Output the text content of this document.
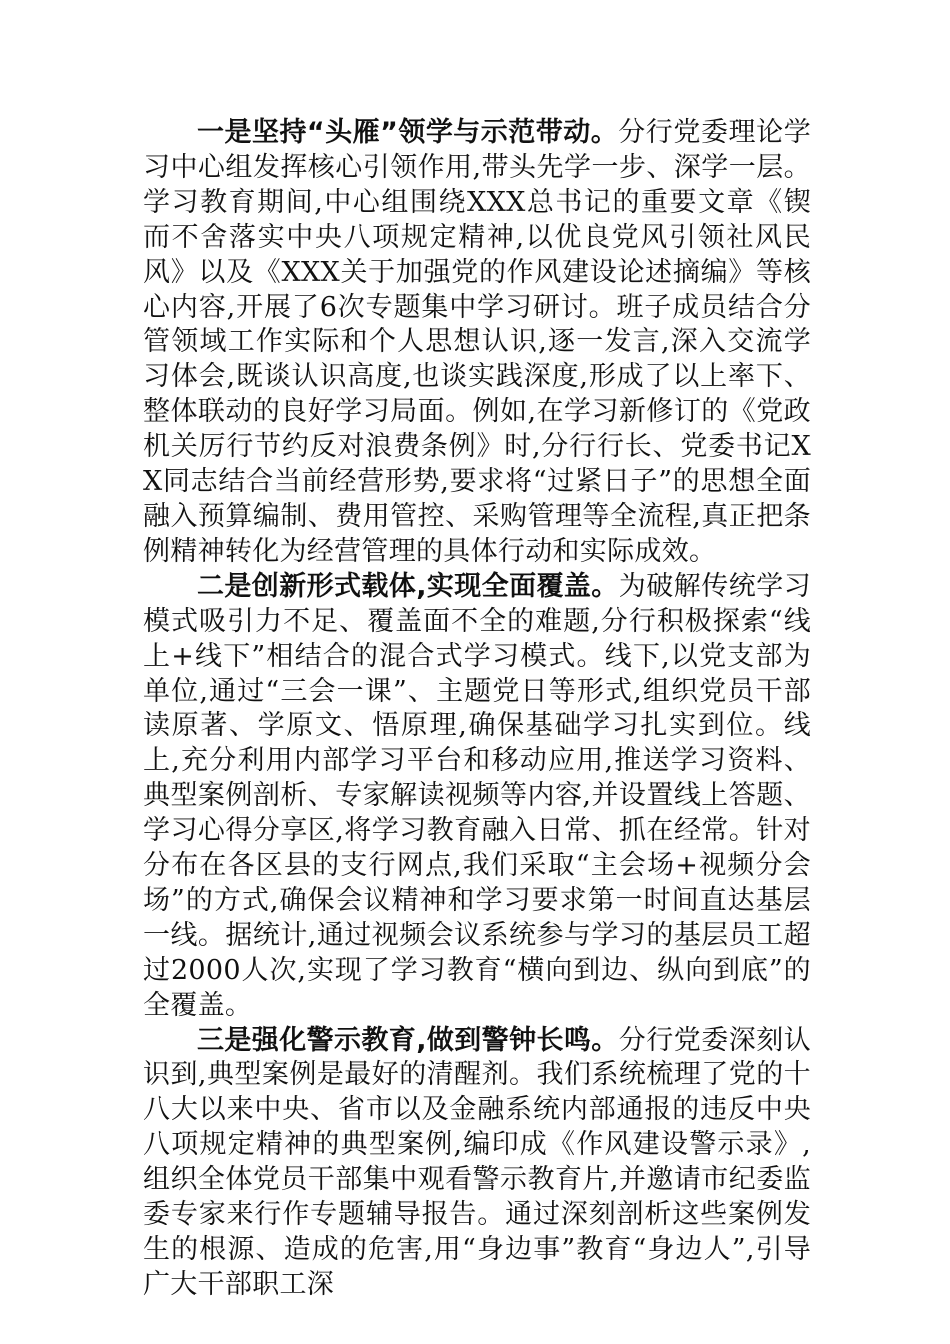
一是坚持“头雁”领学与示范带动。分行党委理论学习中心组发挥核心引领作用,带头先学一步、深学一层。学习教育期间,中心组围绕XXX总书记的重要文章《锲而不舍落实中央八项规定精神,以优良党风引领社风民风》以及《XXX关于加强党的作风建设论述摘编》等核心内容,开展了6次专题集中学习研讨。班子成员结合分管领域工作实际和个人思想认识,逐一发言,深入交流学习体会,既谈认识高度,也谈实践深度,形成了以上率下、整体联动的良好学习局面。例如,在学习新修订的《党政机关厉行节约反对浪费条例》时,分行行长、党委书记XX同志结合当前经营形势,要求将“过紧日子”的思想全面融入预算编制、费用管控、采购管理等全流程,真正把条例精神转化为经营管理的具体行动和实际成效。

二是创新形式载体,实现全面覆盖。为破解传统学习模式吸引力不足、覆盖面不全的难题,分行积极探索“线上+线下”相结合的混合式学习模式。线下,以党支部为单位,通过“三会一课”、主题党日等形式,组织党员干部读原著、学原文、悟原理,确保基础学习扎实到位。线上,充分利用内部学习平台和移动应用,推送学习资料、典型案例剖析、专家解读视频等内容,并设置线上答题、学习心得分享区,将学习教育融入日常、抓在经常。针对分布在各区县的支行网点,我们采取“主会场+视频分会场”的方式,确保会议精神和学习要求第一时间直达基层一线。据统计,通过视频会议系统参与学习的基层员工超过2000人次,实现了学习教育“横向到边、纵向到底”的全覆盖。

三是强化警示教育,做到警钟长鸣。分行党委深刻认识到,典型案例是最好的清醒剂。我们系统梳理了党的十八大以来中央、省市以及金融系统内部通报的违反中央八项规定精神的典型案例,编印成《作风建设警示录》,组织全体党员干部集中观看警示教育片,并邀请市纪委监委专家来行作专题辅导报告。通过深刻剖析这些案例发生的根源、造成的危害,用“身边事”教育“身边人”,引导广大干部职工深
